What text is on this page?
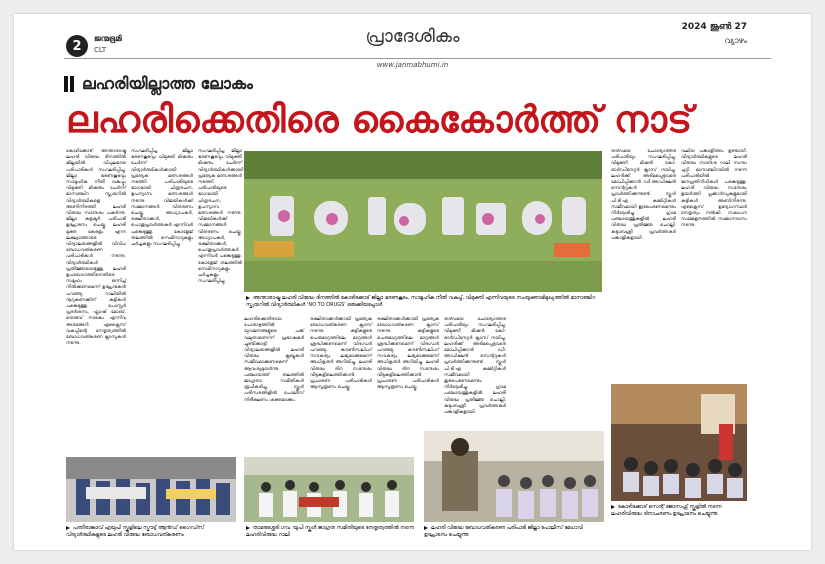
2	ജന്മഭൂമി
CLT
പ്രാദേശികം	2024 ജൂൺ 27
വ്യാഴം
www.janmabhumi.in
ലഹരിയില്ലാത്ത ലോകം
ലഹരിക്കെതിരെ കൈകോർത്ത് നാട്
കോഴിക്കോട്: അന്താരാഷ്ട്ര ലഹരി വിരുദ്ധ ദിനത്തിൽ ജില്ലയിൽ വിപുലമായ പരിപാടികൾ സംഘടിപ്പിച്ചു. ജില്ലാ ഭരണകൂടവും സാമൂഹിക നീതി വകുപ്പും വിമുക്തി മിഷനും ചേർന്ന് മാനാഞ്ചിറ സ്ക്വയറിൽ വിദ്യാർത്ഥികളെ അണിനിരത്തി ലഹരി വിരുദ്ധ സന്ദേശം പകർന്നു. ജില്ലാ കളക്ടർ പരിപാടി ഉദ്ഘാടനം ചെയ്തു. ലഹരി മുക്ത കേരളം എന്ന ലക്ഷ്യത്തോടെ വിദ്യാലയങ്ങളിൽ വിവിധ ബോധവത്കരണ പരിപാടികൾ നടന്നു. വിദ്യാർത്ഥികൾ പ്രതിജ്ഞയെടുത്തു. ലഹരി ഉപയോഗത്തിനെതിരെ സമൂഹം ഒന്നിച്ച് നിൽക്കണമെന്ന് ഉദ്ഘാടകൻ പറഞ്ഞു. റാലിയിൽ നൂറുകണക്കിന് കുട്ടികൾ പങ്കെടുത്തു. പോസ്റ്റർ പ്രദർശനം, ഫ്ലാഷ് മോബ്, തെരുവ് നാടകം എന്നിവ അരങ്ങേറി. എക്സൈസ് വകുപ്പിന്റെ നേതൃത്വത്തിൽ ബോധവത്കരണ ക്ലാസുകൾ നടന്നു.
സംഘടിപ്പിച്ച ജില്ലാ ഭരണകൂടവും വിമുക്തി മിഷനും ചേർന്ന് വിദ്യാർത്ഥികൾക്കായി പ്രത്യേക മത്സരങ്ങൾ നടത്തി. പരിപാടിയുടെ ഭാഗമായി ചിത്രരചന, ഉപന്യാസ മത്സരങ്ങൾ നടന്നു. വിജയികൾക്ക് സമ്മാനങ്ങൾ വിതരണം ചെയ്തു. അധ്യാപകർ, രക്ഷിതാക്കൾ, പൊതുപ്രവർത്തകർ എന്നിവർ പങ്കെടുത്തു. കോളേജ് തലത്തിൽ സെമിനാറുകളും ചർച്ചകളും സംഘടിപ്പിച്ചു.
സംഘടിപ്പിച്ച ജില്ലാ ഭരണകൂടവും വിമുക്തി മിഷനും ചേർന്ന് വിദ്യാർത്ഥികൾക്കായി പ്രത്യേക മത്സരങ്ങൾ നടത്തി. പരിപാടിയുടെ ഭാഗമായി ചിത്രരചന, ഉപന്യാസ മത്സരങ്ങൾ നടന്നു. വിജയികൾക്ക് സമ്മാനങ്ങൾ വിതരണം ചെയ്തു. അധ്യാപകർ, രക്ഷിതാക്കൾ, പൊതുപ്രവർത്തകർ എന്നിവർ പങ്കെടുത്തു. കോളേജ് തലത്തിൽ സെമിനാറുകളും ചർച്ചകളും സംഘടിപ്പിച്ചു.
അന്താരാഷ്ട്ര ലഹരി വിരുദ്ധ ദിനത്തിൽ കോഴിക്കോട് ജില്ലാ ഭരണകൂടം, സാമൂഹിക നീതി വകുപ്പ്, വിമുക്തി എന്നിവയുടെ സംയുക്താഭിമുഖ്യത്തിൽ മാനാഞ്ചിറ സ്ക്വയറിൽ വിദ്യാർത്ഥികൾ 'NO TO DRUGS' ഒരുക്കിയപ്പോൾ
ലഹരിക്കെതിരായ പോരാട്ടത്തിൽ യുവജനങ്ങളുടെ പങ്ക് വലുതാണെന്ന് പ്രഭാഷകർ ചൂണ്ടിക്കാട്ടി. വിദ്യാലയങ്ങളിൽ ലഹരി വിരുദ്ധ ക്ലബ്ബുകൾ സജീവമാക്കണമെന്ന് ആവശ്യമുയർന്നു. പഞ്ചായത്ത് തലത്തിൽ ജാഗ്രതാ സമിതികൾ രൂപീകരിച്ചു. സ്കൂൾ പരിസരങ്ങളിൽ പോലീസ് നിരീക്ഷണം ശക്തമാക്കും.
രക്ഷിതാക്കൾക്കായി പ്രത്യേക ബോധവത്കരണ ക്ലാസ് നടന്നു. കുട്ടികളുടെ പെരുമാറ്റത്തിലെ മാറ്റങ്ങൾ ശ്രദ്ധിക്കണമെന്ന് വിദഗ്ധർ പറഞ്ഞു. കൗൺസലിംഗ് സൗകര്യം ലഭ്യമാക്കുമെന്ന് അധികൃതർ അറിയിച്ചു. ലഹരി വിരുദ്ധ ദിന സന്ദേശം വീടുകളിലെത്തിക്കാൻ പ്രചാരണ പരിപാടികൾ ആസൂത്രണം ചെയ്തു.
രക്ഷിതാക്കൾക്കായി പ്രത്യേക ബോധവത്കരണ ക്ലാസ് നടന്നു. കുട്ടികളുടെ പെരുമാറ്റത്തിലെ മാറ്റങ്ങൾ ശ്രദ്ധിക്കണമെന്ന് വിദഗ്ധർ പറഞ്ഞു. കൗൺസലിംഗ് സൗകര്യം ലഭ്യമാക്കുമെന്ന് അധികൃതർ അറിയിച്ചു. ലഹരി വിരുദ്ധ ദിന സന്ദേശം വീടുകളിലെത്തിക്കാൻ പ്രചാരണ പരിപാടികൾ ആസൂത്രണം ചെയ്തു.
തത്സമയ ചോദ്യോത്തര പരിപാടിയും സംഘടിപ്പിച്ചു. വിമുക്തി മിഷൻ കോ-ഓർഡിനേറ്റർ ക്ലാസ് നയിച്ചു. ലഹരിക്ക് അടിമപ്പെട്ടവരെ മോചിപ്പിക്കാൻ ഡീ-അഡിക്ഷൻ സെന്ററുകൾ പ്രവർത്തിക്കുന്നുണ്ട്. സ്കൂൾ പി.ടി.എ കമ്മിറ്റികൾ സജീവമായി ഇടപെടണമെന്നും നിർദ്ദേശിച്ചു. ഗ്രാമ പഞ്ചായത്തുകളിൽ ലഹരി വിരുദ്ധ പ്രതിജ്ഞ ചൊല്ലി. കുടുംബശ്രീ പ്രവർത്തകർ പങ്കാളികളായി.
തത്സമയ ചോദ്യോത്തര പരിപാടിയും സംഘടിപ്പിച്ചു. വിമുക്തി മിഷൻ കോ-ഓർഡിനേറ്റർ ക്ലാസ് നയിച്ചു. ലഹരിക്ക് അടിമപ്പെട്ടവരെ മോചിപ്പിക്കാൻ ഡീ-അഡിക്ഷൻ സെന്ററുകൾ പ്രവർത്തിക്കുന്നുണ്ട്. സ്കൂൾ പി.ടി.എ കമ്മിറ്റികൾ സജീവമായി ഇടപെടണമെന്നും നിർദ്ദേശിച്ചു. ഗ്രാമ പഞ്ചായത്തുകളിൽ ലഹരി വിരുദ്ധ പ്രതിജ്ഞ ചൊല്ലി. കുടുംബശ്രീ പ്രവർത്തകർ പങ്കാളികളായി.
വലിയ പങ്കാളിത്തം ഉണ്ടായി. വിദ്യാർത്ഥികളുടെ ലഹരി വിരുദ്ധ സന്ദേശ റാലി നഗരം ചുറ്റി. മാനാഞ്ചിറയിൽ നടന്ന പരിപാടിയിൽ ജനപ്രതിനിധികൾ പങ്കെടുത്തു. ലഹരി വിരുദ്ധ സന്ദേശം ഉയർത്തി പ്ലക്കാർഡുകളുമായി കുട്ടികൾ അണിനിരന്നു. എക്സൈസ് ഉദ്യോഗസ്ഥർ നേതൃത്വം നൽകി. സമാപന സമ്മേളനത്തിൽ സമ്മാനദാനം നടന്നു.
കോഴിക്കോട് സെന്റ് ജോസഫ്സ് സ്കൂളിൽ നടന്ന ലഹരിവിരുദ്ധ ദിനാചരണം ഉദ്ഘാടനം ചെയ്യുന്നു
പന്തീരാങ്കാവ് എയുപി സ്കൂളിലെ സ്കൗട്ട് ആൻഡ് ഗൈഡ്സ് വിദ്യാർത്ഥികളുടെ ലഹരി വിരുദ്ധ ബോധവത്കരണം
താമരശ്ശേരി ഗവ. യുപി സ്കൂൾ ജാഗ്രത സമിതിയുടെ നേതൃത്വത്തിൽ നടന്ന ലഹരിവിരുദ്ധ റാലി
ലഹരി വിരുദ്ധ ബോധവത്കരണ പരിപാടി ജില്ലാ പോലീസ് മേധാവി ഉദ്ഘാടനം ചെയ്യുന്നു
